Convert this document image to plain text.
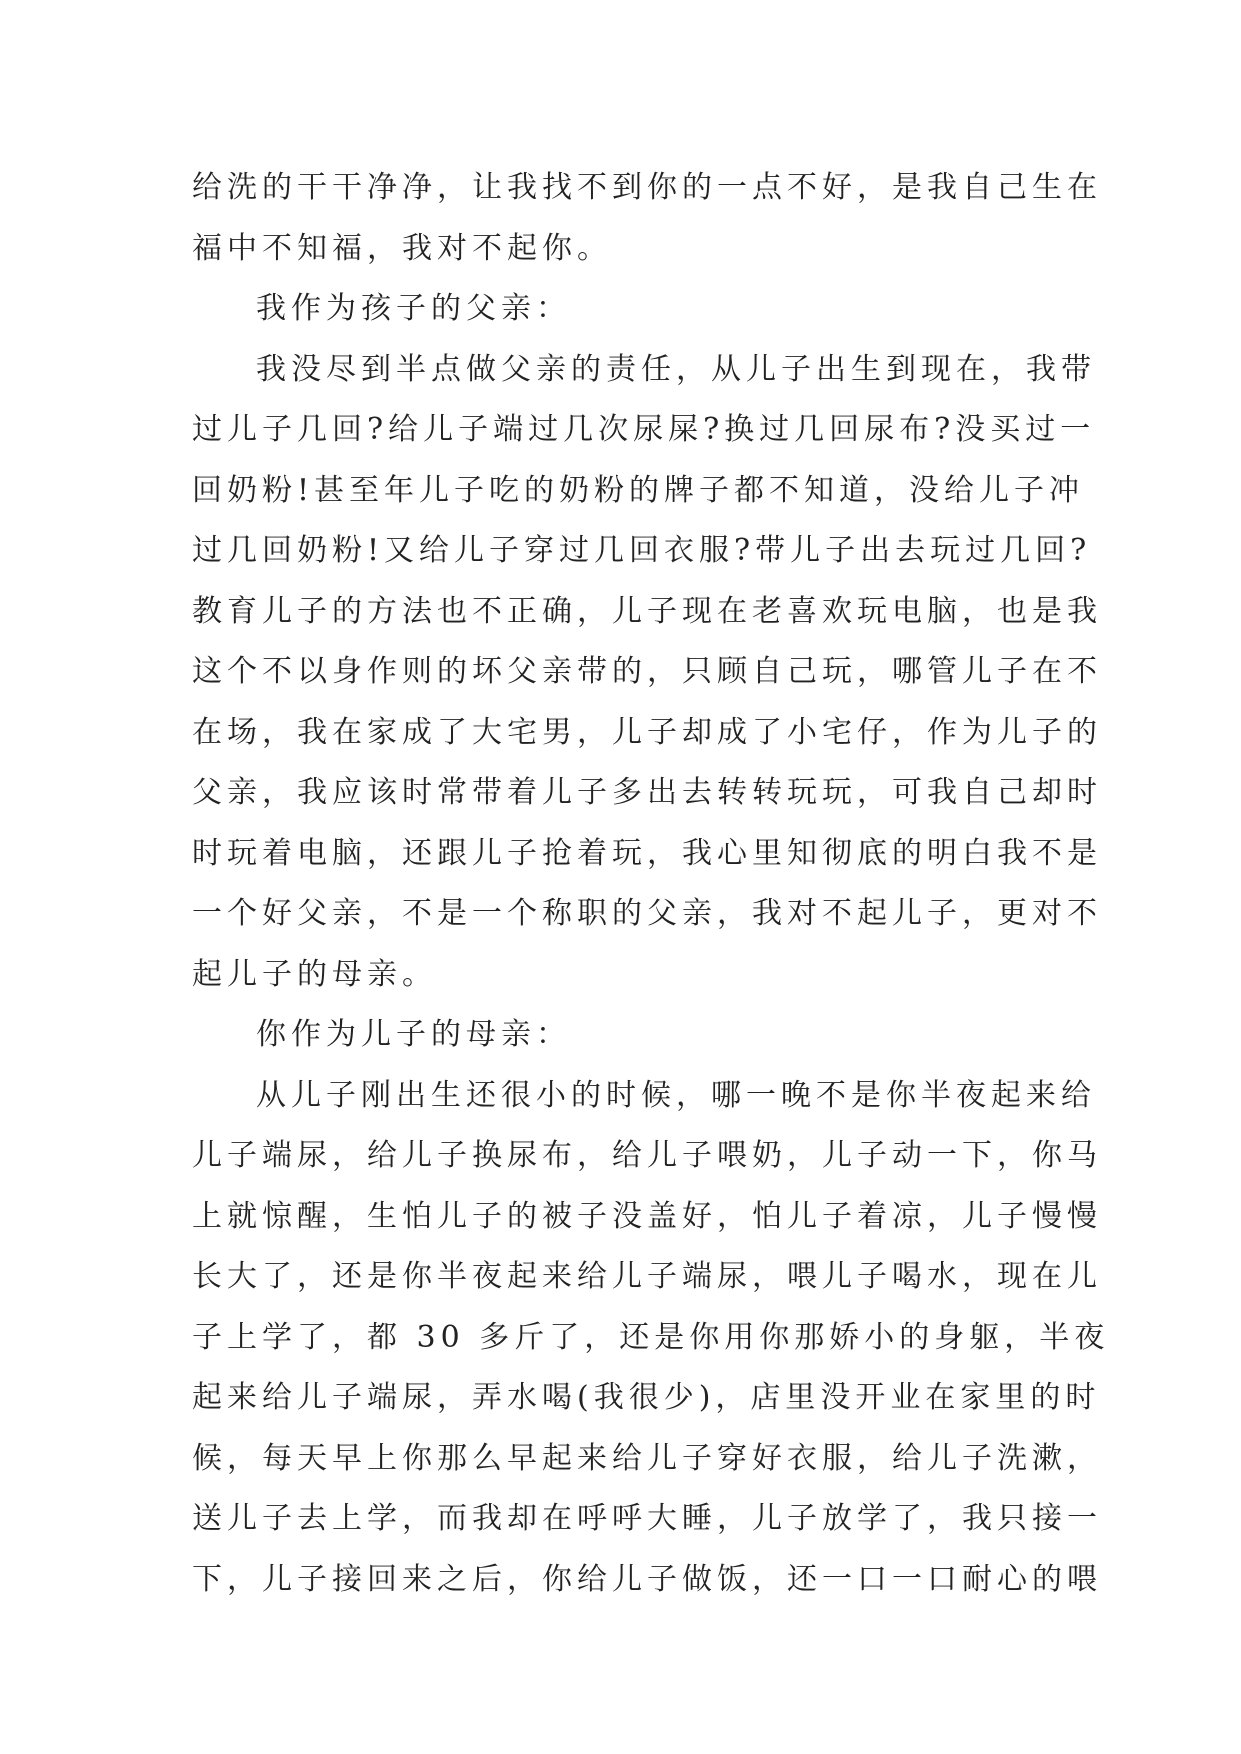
给洗的干干净净，让我找不到你的一点不好，是我自己生在
福中不知福，我对不起你。
我作为孩子的父亲：
我没尽到半点做父亲的责任，从儿子出生到现在，我带
过儿子几回?给儿子端过几次尿屎?换过几回尿布?没买过一
回奶粉!甚至年儿子吃的奶粉的牌子都不知道，没给儿子冲
过几回奶粉!又给儿子穿过几回衣服?带儿子出去玩过几回?
教育儿子的方法也不正确，儿子现在老喜欢玩电脑，也是我
这个不以身作则的坏父亲带的，只顾自己玩，哪管儿子在不
在场，我在家成了大宅男，儿子却成了小宅仔，作为儿子的
父亲，我应该时常带着儿子多出去转转玩玩，可我自己却时
时玩着电脑，还跟儿子抢着玩，我心里知彻底的明白我不是
一个好父亲，不是一个称职的父亲，我对不起儿子，更对不
起儿子的母亲。
你作为儿子的母亲：
从儿子刚出生还很小的时候，哪一晚不是你半夜起来给
儿子端尿，给儿子换尿布，给儿子喂奶，儿子动一下，你马
上就惊醒，生怕儿子的被子没盖好，怕儿子着凉，儿子慢慢
长大了，还是你半夜起来给儿子端尿，喂儿子喝水，现在儿
子上学了，都 30 多斤了，还是你用你那娇小的身躯，半夜
起来给儿子端尿，弄水喝(我很少)，店里没开业在家里的时
候，每天早上你那么早起来给儿子穿好衣服，给儿子洗漱，
送儿子去上学，而我却在呼呼大睡，儿子放学了，我只接一
下，儿子接回来之后，你给儿子做饭，还一口一口耐心的喂
